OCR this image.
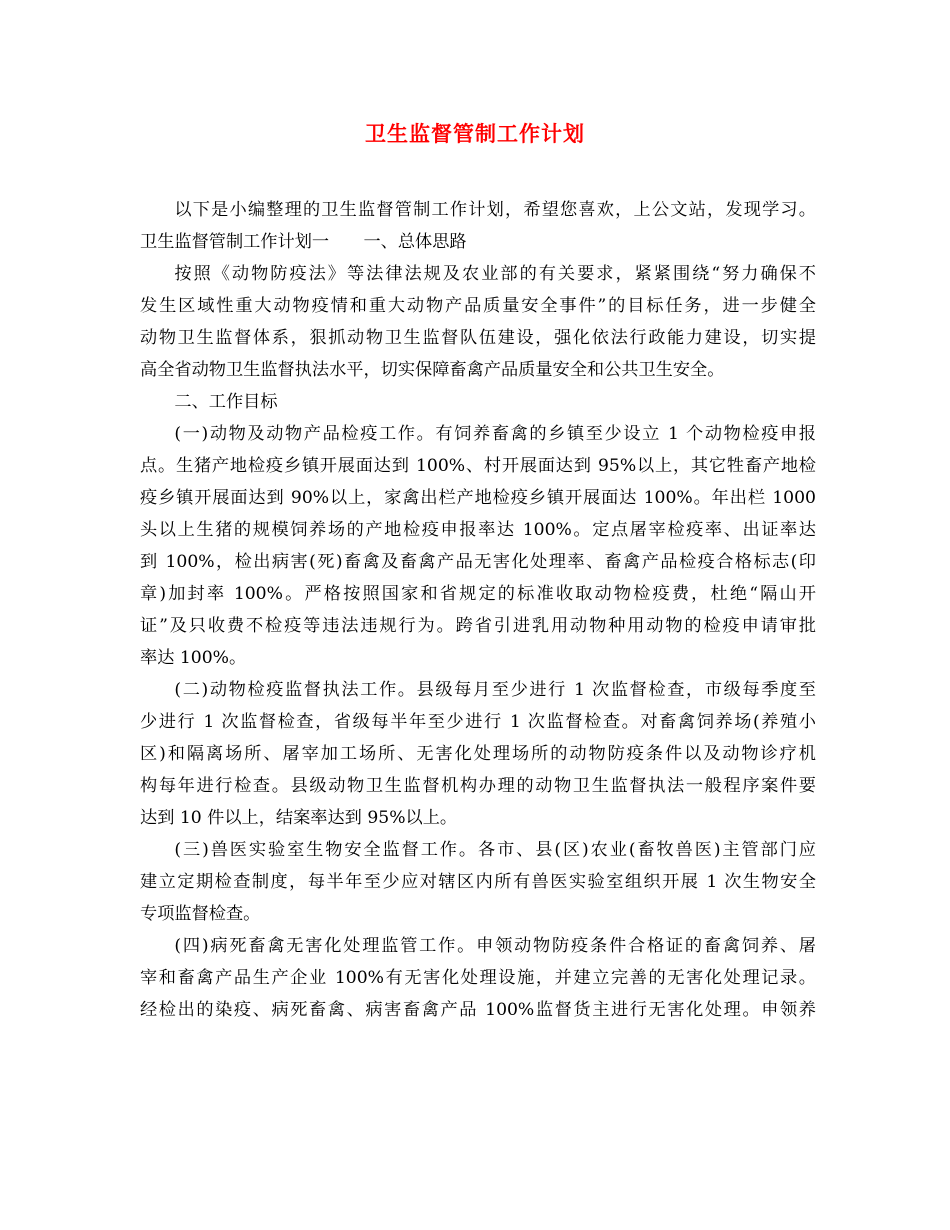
卫生监督管制工作计划
以下是小编整理的卫生监督管制工作计划，希望您喜欢，上公文站，发现学习。
卫生监督管制工作计划一　　一、总体思路
按照《动物防疫法》等法律法规及农业部的有关要求，紧紧围绕“努力确保不
发生区域性重大动物疫情和重大动物产品质量安全事件”的目标任务，进一步健全
动物卫生监督体系，狠抓动物卫生监督队伍建设，强化依法行政能力建设，切实提
高全省动物卫生监督执法水平，切实保障畜禽产品质量安全和公共卫生安全。
二、工作目标
(一)动物及动物产品检疫工作。有饲养畜禽的乡镇至少设立 1 个动物检疫申报
点。生猪产地检疫乡镇开展面达到 100%、村开展面达到 95%以上，其它牲畜产地检
疫乡镇开展面达到 90%以上，家禽出栏产地检疫乡镇开展面达 100%。年出栏 1000
头以上生猪的规模饲养场的产地检疫申报率达 100%。定点屠宰检疫率、出证率达
到 100%，检出病害(死)畜禽及畜禽产品无害化处理率、畜禽产品检疫合格标志(印
章)加封率 100%。严格按照国家和省规定的标准收取动物检疫费，杜绝“隔山开
证”及只收费不检疫等违法违规行为。跨省引进乳用动物种用动物的检疫申请审批
率达 100%。
(二)动物检疫监督执法工作。县级每月至少进行 1 次监督检查，市级每季度至
少进行 1 次监督检查，省级每半年至少进行 1 次监督检查。对畜禽饲养场(养殖小
区)和隔离场所、屠宰加工场所、无害化处理场所的动物防疫条件以及动物诊疗机
构每年进行检查。县级动物卫生监督机构办理的动物卫生监督执法一般程序案件要
达到 10 件以上，结案率达到 95%以上。
(三)兽医实验室生物安全监督工作。各市、县(区)农业(畜牧兽医)主管部门应
建立定期检查制度，每半年至少应对辖区内所有兽医实验室组织开展 1 次生物安全
专项监督检查。
(四)病死畜禽无害化处理监管工作。申领动物防疫条件合格证的畜禽饲养、屠
宰和畜禽产品生产企业 100%有无害化处理设施，并建立完善的无害化处理记录。
经检出的染疫、病死畜禽、病害畜禽产品 100%监督货主进行无害化处理。申领养
